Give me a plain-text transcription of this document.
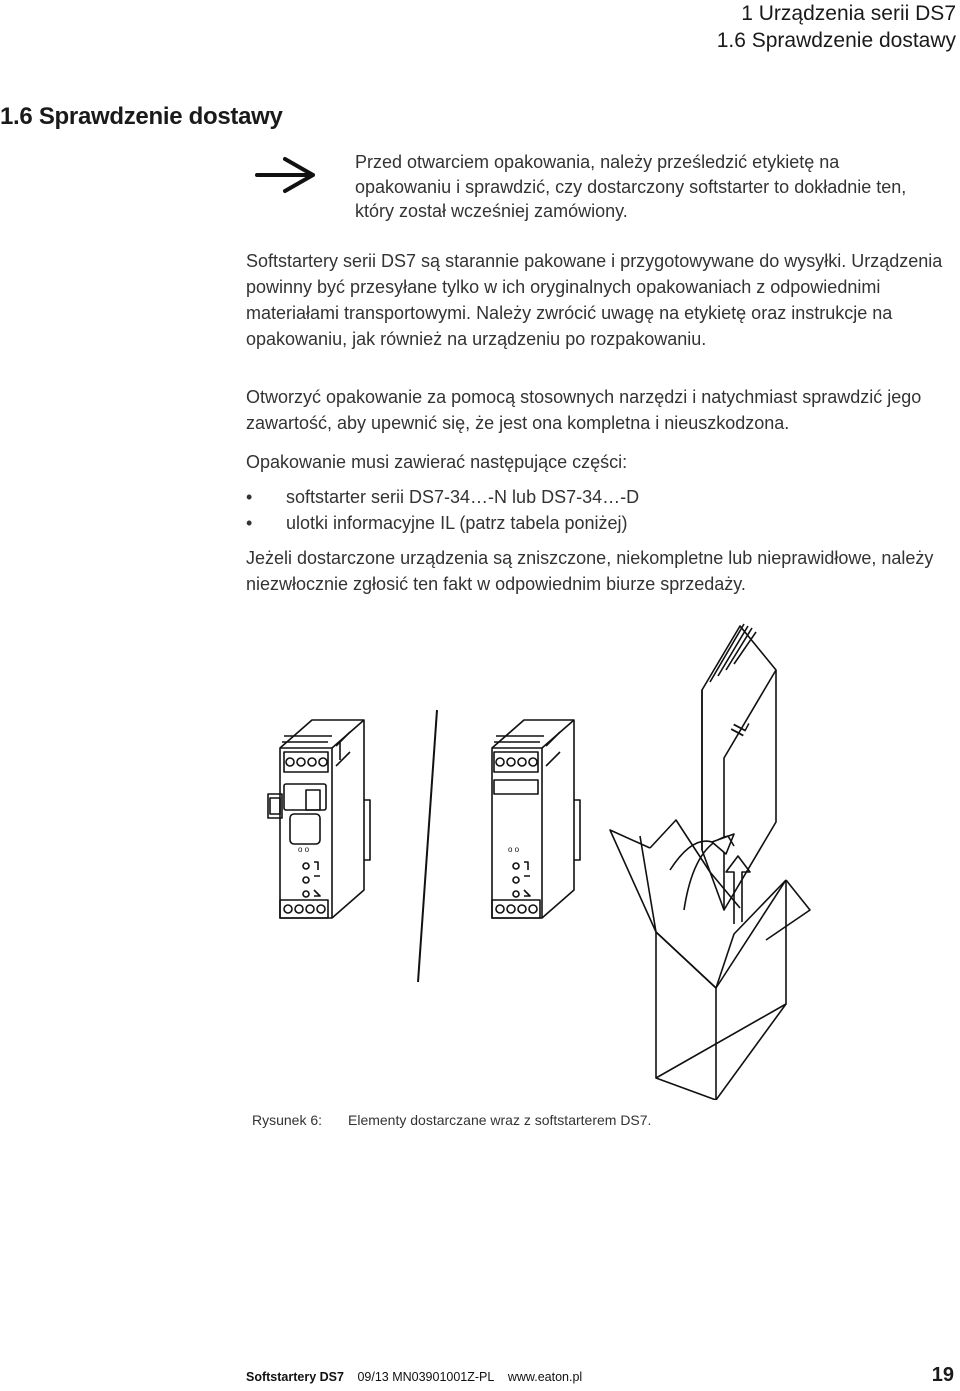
1 Urządzenia serii DS7
1.6 Sprawdzenie dostawy
1.6 Sprawdzenie dostawy
Przed otwarciem opakowania, należy prześledzić etykietę na opakowaniu i sprawdzić, czy dostarczony softstarter to dokładnie ten, który został wcześniej zamówiony.
Softstartery serii DS7 są starannie pakowane i przygotowywane do wysyłki. Urządzenia powinny być przesyłane tylko w ich oryginalnych opakowaniach z odpowiednimi materiałami transportowymi. Należy zwrócić uwagę na etykietę oraz instrukcje na opakowaniu, jak również na urządzeniu po rozpakowaniu.
Otworzyć opakowanie za pomocą stosownych narzędzi i natychmiast sprawdzić jego zawartość, aby upewnić się, że jest ona kompletna i nieuszkodzona.
Opakowanie musi zawierać następujące części:
• softstarter serii DS7-34…-N lub DS7-34…-D
• ulotki informacyjne IL (patrz tabela poniżej)
Jeżeli dostarczone urządzenia są zniszczone, niekompletne lub nieprawidłowe, należy niezwłocznie zgłosić ten fakt w odpowiednim biurze sprzedaży.
o o	o o
IL
Rysunek 6: Elementy dostarczane wraz z softstarterem DS7.
Softstartery DS7 09/13 MN03901001Z-PL www.eaton.pl	19
